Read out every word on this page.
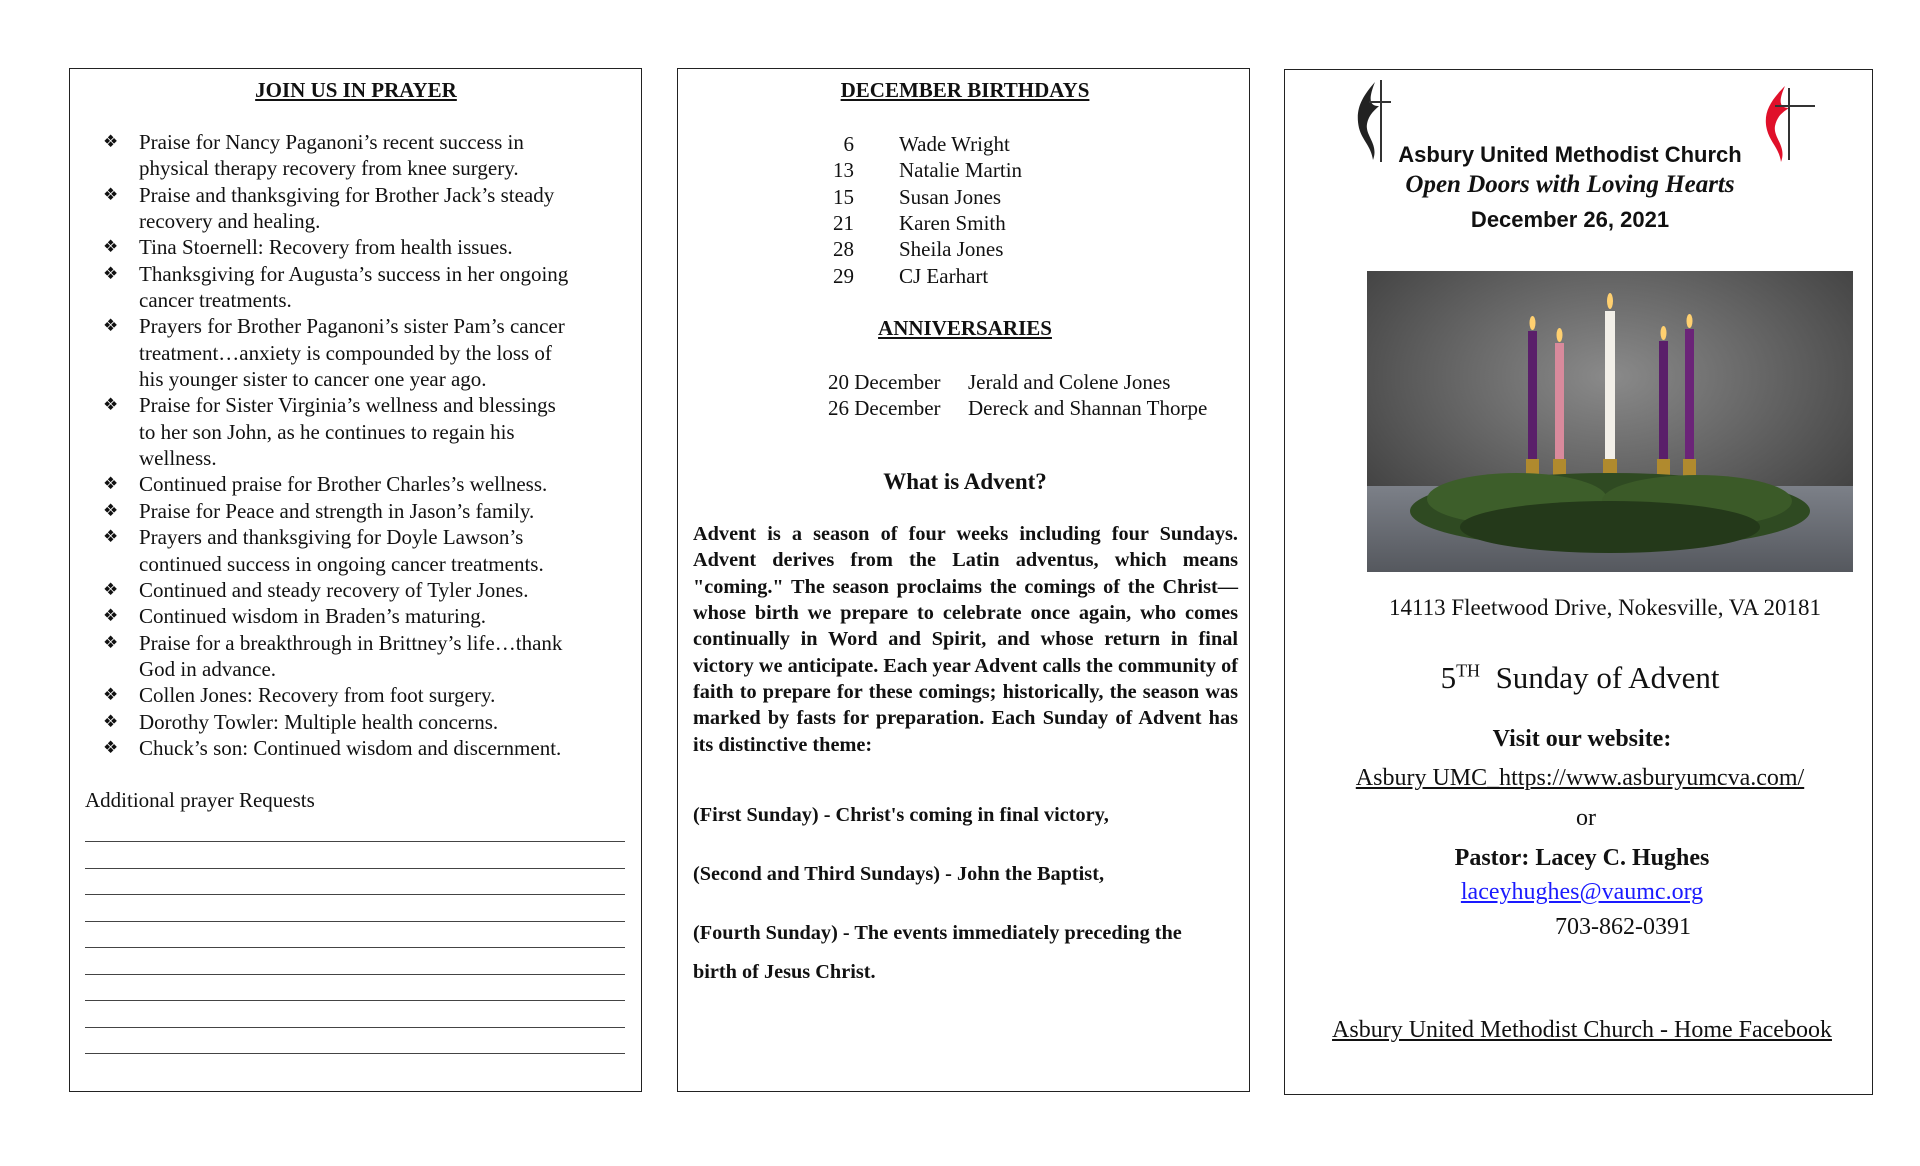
JOIN US IN PRAYER
❖ Praise for Nancy Paganoni’s recent success in
physical therapy recovery from knee surgery.
❖ Praise and thanksgiving for Brother Jack’s steady
recovery and healing.
❖ Tina Stoernell: Recovery from health issues.
❖ Thanksgiving for Augusta’s success in her ongoing
cancer treatments.
❖ Prayers for Brother Paganoni’s sister Pam’s cancer
treatment…anxiety is compounded by the loss of
his younger sister to cancer one year ago.
❖ Praise for Sister Virginia’s wellness and blessings
to her son John, as he continues to regain his
wellness.
❖ Continued praise for Brother Charles’s wellness.
❖ Praise for Peace and strength in Jason’s family.
❖ Prayers and thanksgiving for Doyle Lawson’s
continued success in ongoing cancer treatments.
❖ Continued and steady recovery of Tyler Jones.
❖ Continued wisdom in Braden’s maturing.
❖ Praise for a breakthrough in Brittney’s life…thank
God in advance.
❖ Collen Jones: Recovery from foot surgery.
❖ Dorothy Towler: Multiple health concerns.
❖ Chuck’s son: Continued wisdom and discernment.
Additional prayer Requests
DECEMBER BIRTHDAYS
6 Wade Wright
13 Natalie Martin
15 Susan Jones
21 Karen Smith
28 Sheila Jones
29 CJ Earhart
ANNIVERSARIES
20 December Jerald and Colene Jones
26 December Dereck and Shannan Thorpe
What is Advent?
Advent is a season of four weeks including four Sundays. Advent derives from the Latin adventus, which means "coming." The season proclaims the comings of the Christ—whose birth we prepare to celebrate once again, who comes continually in Word and Spirit, and whose return in final victory we anticipate. Each year Advent calls the community of faith to prepare for these comings; historically, the season was marked by fasts for preparation. Each Sunday of Advent has its distinctive theme:
(First Sunday) - Christ's coming in final victory,
(Second and Third Sundays) - John the Baptist,
(Fourth Sunday) - The events immediately preceding the
birth of Jesus Christ.
Asbury United Methodist Church
Open Doors with Loving Hearts
December 26, 2021
14113 Fleetwood Drive, Nokesville, VA 20181
5TH Sunday of Advent
Visit our website:
Asbury UMC_https://www.asburyumcva.com/
or
Pastor: Lacey C. Hughes
laceyhughes@vaumc.org
703-862-0391
Asbury United Methodist Church - Home Facebook
